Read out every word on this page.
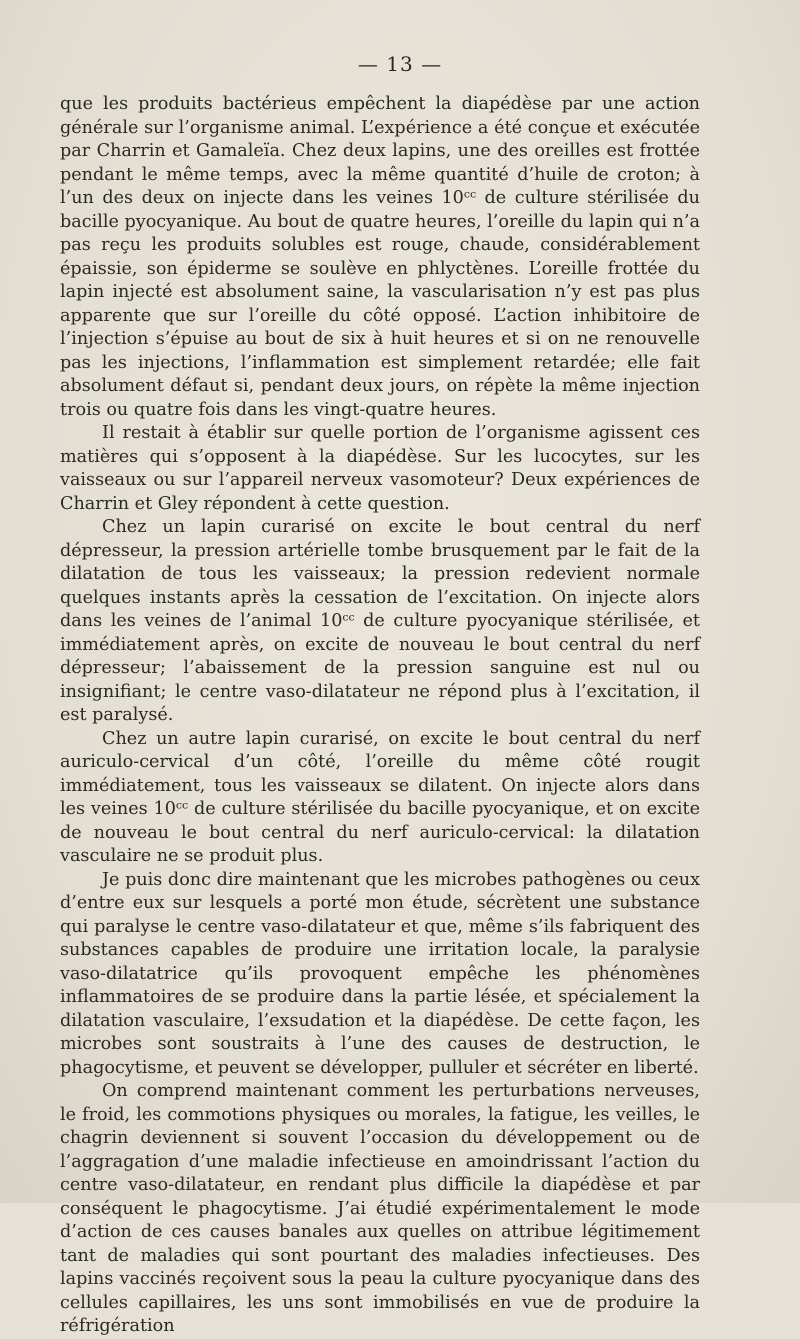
— 13 —

que les produits bactérieus empêchent la diapédèse par une action générale sur l’organisme animal. L’expérience a été conçue et exécutée par Charrin et Gamaleïa. Chez deux lapins, une des oreilles est frottée pendant le même temps, avec la même quantité d’huile de croton; à l’un des deux on injecte dans les veines 10ᶜᶜ de culture stérilisée du bacille pyocyanique. Au bout de quatre heures, l’oreille du lapin qui n’a pas reçu les produits solubles est rouge, chaude, considérablement épaissie, son épiderme se soulève en phlyctènes. L’oreille frottée du lapin injecté est absolument saine, la vascularisation n’y est pas plus apparente que sur l’oreille du côté opposé. L’action inhibitoire de l’injection s’épuise au bout de six à huit heures et si on ne renouvelle pas les injections, l’inflammation est simplement retardée; elle fait absolument défaut si, pendant deux jours, on répète la même injection trois ou quatre fois dans les vingt-quatre heures.

Il restait à établir sur quelle portion de l’organisme agissent ces matières qui s’opposent à la diapédèse. Sur les lucocytes, sur les vaisseaux ou sur l’appareil nerveux vasomoteur? Deux expériences de Charrin et Gley répondent à cette question.

Chez un lapin curarisé on excite le bout central du nerf dépresseur, la pression artérielle tombe brusquement par le fait de la dilatation de tous les vaisseaux; la pression redevient normale quelques instants après la cessation de l’excitation. On injecte alors dans les veines de l’animal 10ᶜᶜ de culture pyocyanique stérilisée, et immédiatement après, on excite de nouveau le bout central du nerf dépresseur; l’abaissement de la pression sanguine est nul ou insignifiant; le centre vaso-dilatateur ne répond plus à l’excitation, il est paralysé.

Chez un autre lapin curarisé, on excite le bout central du nerf auriculo-cervical d’un côté, l’oreille du même côté rougit immédiatement, tous les vaisseaux se dilatent. On injecte alors dans les veines 10ᶜᶜ de culture stérilisée du bacille pyocyanique, et on excite de nouveau le bout central du nerf auriculo-cervical: la dilatation vasculaire ne se produit plus.

Je puis donc dire maintenant que les microbes pathogènes ou ceux d’entre eux sur lesquels a porté mon étude, sécrètent une substance qui paralyse le centre vaso-dilatateur et que, même s’ils fabriquent des substances capables de produire une irritation locale, la paralysie vaso-dilatatrice qu’ils provoquent empêche les phénomènes inflammatoires de se produire dans la partie lésée, et spécialement la dilatation vasculaire, l’exsudation et la diapédèse. De cette façon, les microbes sont soustraits à l’une des causes de destruction, le phagocytisme, et peuvent se développer, pulluler et sécréter en liberté.

On comprend maintenant comment les perturbations nerveuses, le froid, les commotions physiques ou morales, la fatigue, les veilles, le chagrin deviennent si souvent l’occasion du développement ou de l’aggragation d’une maladie infectieuse en amoindrissant l’action du centre vaso-dilatateur, en rendant plus difficile la diapédèse et par conséquent le phagocytisme. J’ai étudié expérimentalement le mode d’action de ces causes banales aux quelles on attribue légitimement tant de maladies qui sont pourtant des maladies infectieuses. Des lapins vaccinés reçoivent sous la peau la culture pyocyanique dans des cellules capillaires, les uns sont immobilisés en vue de produire la réfrigération
